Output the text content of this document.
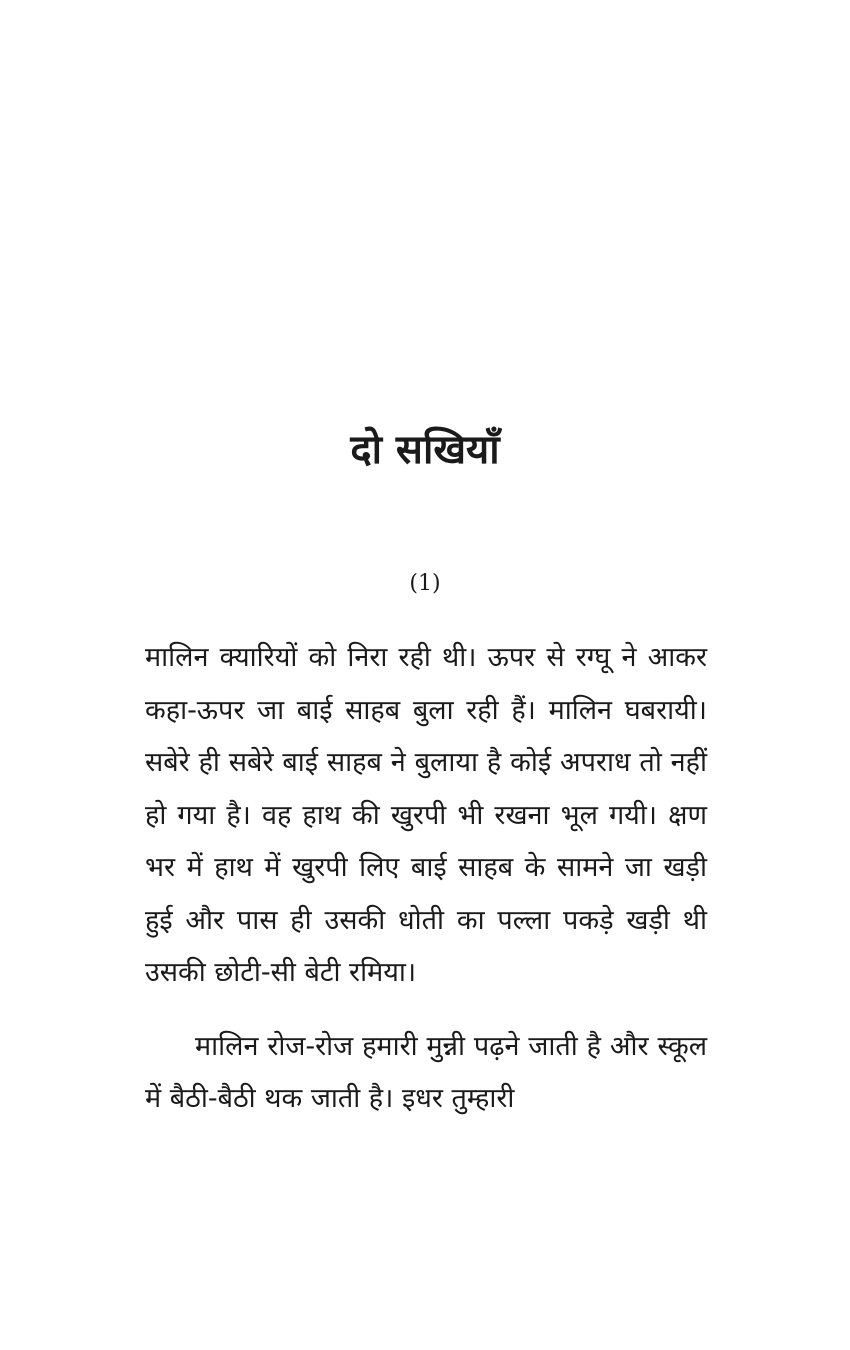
दो सखियाँ
(1)

मालिन क्यारियों को निरा रही थी। ऊपर से रग्घू ने आकर कहा-ऊपर जा बाई साहब बुला रही हैं। मालिन घबरायी। सबेरे ही सबेरे बाई साहब ने बुलाया है कोई अपराध तो नहीं हो गया है। वह हाथ की खुरपी भी रखना भूल गयी। क्षण भर में हाथ में खुरपी लिए बाई साहब के सामने जा खड़ी हुई और पास ही उसकी धोती का पल्ला पकड़े खड़ी थी उसकी छोटी-सी बेटी रमिया।

मालिन रोज-रोज हमारी मुन्नी पढ़ने जाती है और स्कूल में बैठी-बैठी थक जाती है। इधर तुम्हारी
